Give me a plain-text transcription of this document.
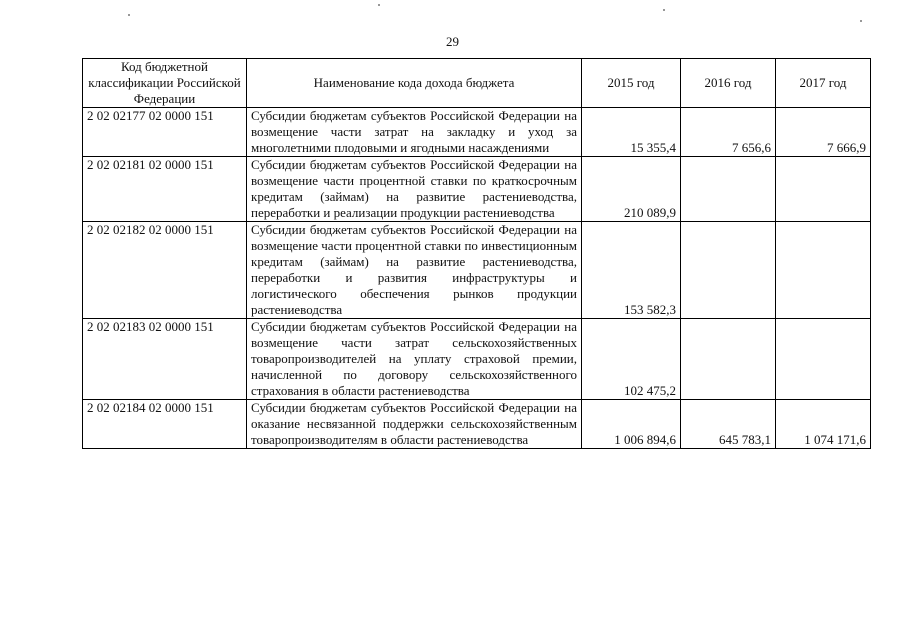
29
Код бюджетной классификации Российской Федерации	Наименование кода дохода бюджета	2015 год	2016 год	2017 год
2 02 02177 02 0000 151	Субсидии бюджетам субъектов Российской Федерации на возмещение части затрат на закладку и уход за многолетними плодовыми и ягодными насаждениями	15 355,4	7 656,6	7 666,9
2 02 02181 02 0000 151	Субсидии бюджетам субъектов Российской Федерации на возмещение части процентной ставки по краткосрочным кредитам (займам) на развитие растениеводства, переработки и реализации продукции растениеводства	210 089,9		
2 02 02182 02 0000 151	Субсидии бюджетам субъектов Российской Федерации на возмещение части процентной ставки по инвестиционным кредитам (займам) на развитие растениеводства, переработки и развития инфраструктуры и логистического обеспечения рынков продукции растениеводства	153 582,3		
2 02 02183 02 0000 151	Субсидии бюджетам субъектов Российской Федерации на возмещение части затрат сельскохозяйственных товаропроизводителей на уплату страховой премии, начисленной по договору сельскохозяйственного страхования в области растениеводства	102 475,2		
2 02 02184 02 0000 151	Субсидии бюджетам субъектов Российской Федерации на оказание несвязанной поддержки сельскохозяйственным товаропроизводителям в области растениеводства	1 006 894,6	645 783,1	1 074 171,6
